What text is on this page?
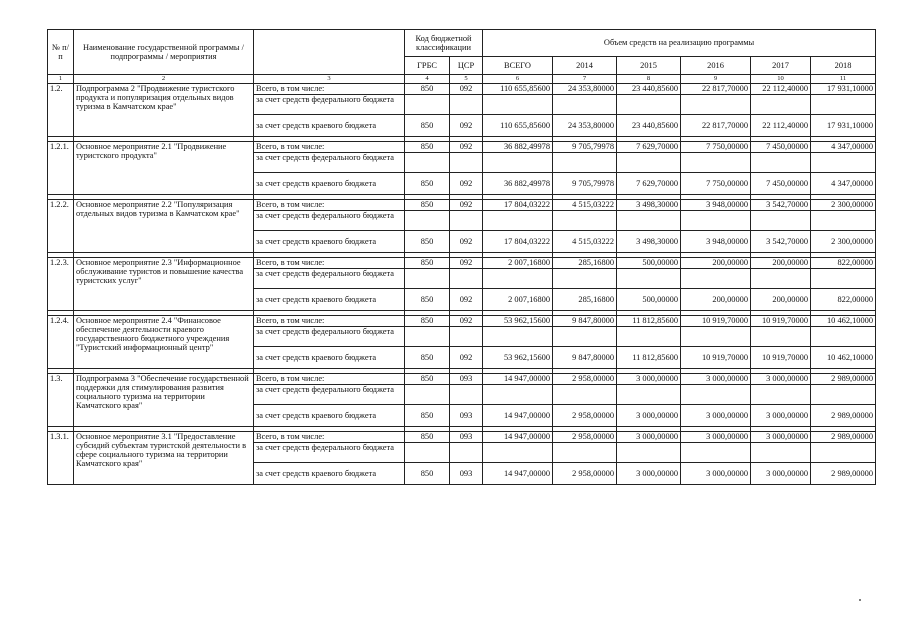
№ п/п	Наименование государственной программы / подпрограммы / мероприятия		Код бюджетной классификации		Объем средств на реализацию программы					
			ГРБС	ЦСР	ВСЕГО	2014	2015	2016	2017	2018
1	2	3	4	5	6	7	8	9	10	11
1.2.	Подпрограмма 2 "Продвижение туристского продукта и популяризация отдельных видов туризма в Камчатском крае"	Всего, в том числе:	850	092	110 655,85600	24 353,80000	23 440,85600	22 817,70000	22 112,40000	17 931,10000
		за счет средств федерального бюджета								
		за счет средств краевого бюджета	850	092	110 655,85600	24 353,80000	23 440,85600	22 817,70000	22 112,40000	17 931,10000

1.2.1.	Основное мероприятие 2.1 "Продвижение туристского продукта"	Всего, в том числе:	850	092	36 882,49978	9 705,79978	7 629,70000	7 750,00000	7 450,00000	4 347,00000
		за счет средств федерального бюджета								
		за счет средств краевого бюджета	850	092	36 882,49978	9 705,79978	7 629,70000	7 750,00000	7 450,00000	4 347,00000

1.2.2.	Основное мероприятие 2.2 "Популяризация отдельных видов туризма в Камчатском крае"	Всего, в том числе:	850	092	17 804,03222	4 515,03222	3 498,30000	3 948,00000	3 542,70000	2 300,00000
		за счет средств федерального бюджета								
		за счет средств краевого бюджета	850	092	17 804,03222	4 515,03222	3 498,30000	3 948,00000	3 542,70000	2 300,00000

1.2.3.	Основное мероприятие 2.3 "Информационное обслуживание туристов и повышение качества туристских услуг"	Всего, в том числе:	850	092	2 007,16800	285,16800	500,00000	200,00000	200,00000	822,00000
		за счет средств федерального бюджета								
		за счет средств краевого бюджета	850	092	2 007,16800	285,16800	500,00000	200,00000	200,00000	822,00000

1.2.4.	Основное мероприятие 2.4 "Финансовое обеспечение деятельности краевого государственного бюджетного учреждения "Туристский информационный центр"	Всего, в том числе:	850	092	53 962,15600	9 847,80000	11 812,85600	10 919,70000	10 919,70000	10 462,10000
		за счет средств федерального бюджета								
		за счет средств краевого бюджета	850	092	53 962,15600	9 847,80000	11 812,85600	10 919,70000	10 919,70000	10 462,10000

1.3.	Подпрограмма 3 "Обеспечение государственной поддержки для стимулирования развития социального туризма на территории Камчатского края"	Всего, в том числе:	850	093	14 947,00000	2 958,00000	3 000,00000	3 000,00000	3 000,00000	2 989,00000
		за счет средств федерального бюджета								
		за счет средств краевого бюджета	850	093	14 947,00000	2 958,00000	3 000,00000	3 000,00000	3 000,00000	2 989,00000

1.3.1.	Основное мероприятие 3.1 "Предоставление субсидий субъектам туристской деятельности в сфере социального туризма на территории Камчатского края"	Всего, в том числе:	850	093	14 947,00000	2 958,00000	3 000,00000	3 000,00000	3 000,00000	2 989,00000
		за счет средств федерального бюджета								
		за счет средств краевого бюджета	850	093	14 947,00000	2 958,00000	3 000,00000	3 000,00000	3 000,00000	2 989,00000
